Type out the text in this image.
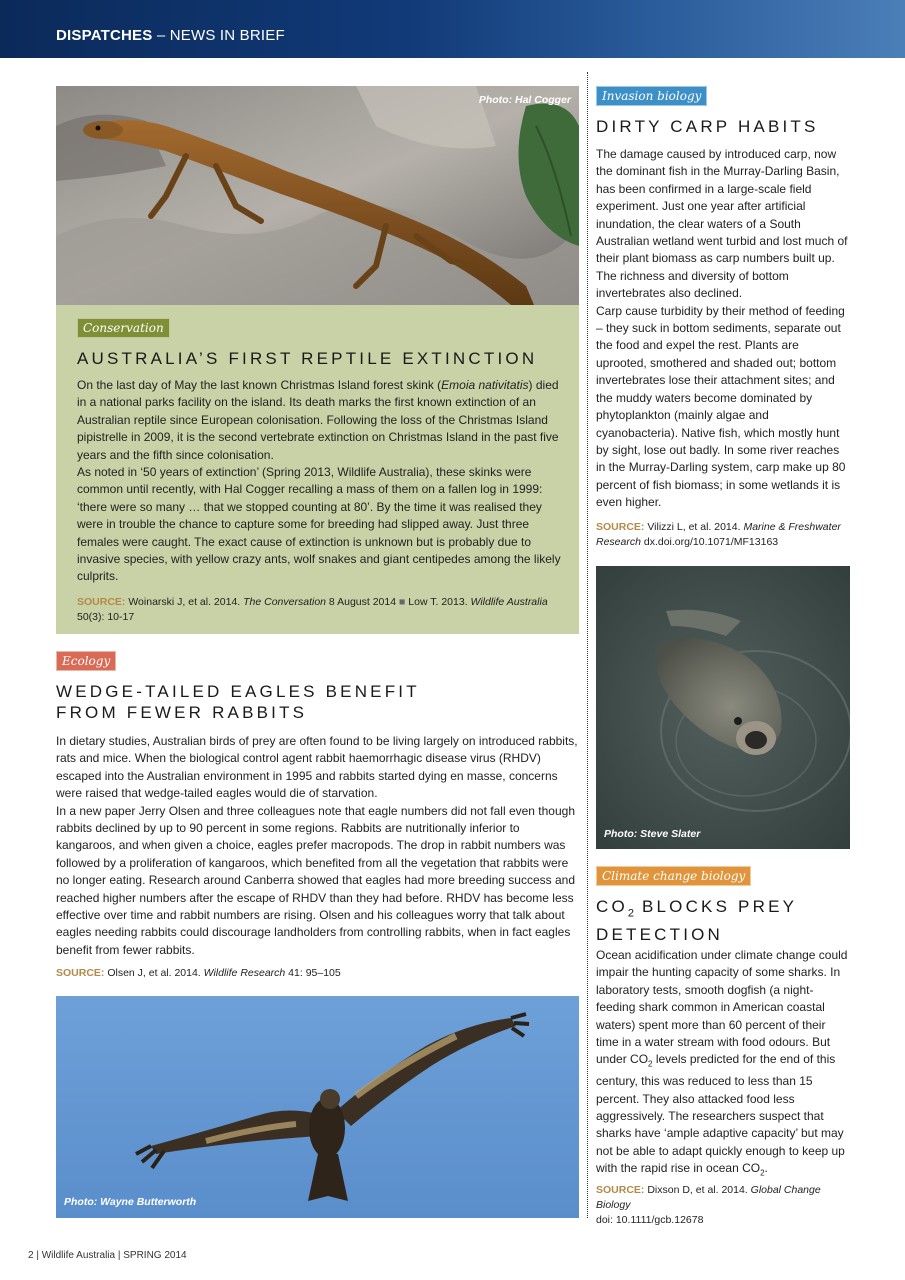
DISPATCHES – NEWS IN BRIEF
Photo: Hal Cogger
Conservation
AUSTRALIA’S FIRST REPTILE EXTINCTION

On the last day of May the last known Christmas Island forest skink (Emoia nativitatis) died in a national parks facility on the island. Its death marks the first known extinction of an Australian reptile since European colonisation. Following the loss of the Christmas Island pipistrelle in 2009, it is the second vertebrate extinction on Christmas Island in the past five years and the fifth since colonisation.

As noted in ‘50 years of extinction’ (Spring 2013, Wildlife Australia), these skinks were common until recently, with Hal Cogger recalling a mass of them on a fallen log in 1999: ‘there were so many … that we stopped counting at 80’. By the time it was realised they were in trouble the chance to capture some for breeding had slipped away. Just three females were caught. The exact cause of extinction is unknown but is probably due to invasive species, with yellow crazy ants, wolf snakes and giant centipedes among the likely culprits.

SOURCE: Woinarski J, et al. 2014. The Conversation 8 August 2014 ■ Low T. 2013. Wildlife Australia 50(3): 10-17
Ecology
WEDGE-TAILED EAGLES BENEFIT
FROM FEWER RABBITS

In dietary studies, Australian birds of prey are often found to be living largely on introduced rabbits, rats and mice. When the biological control agent rabbit haemorrhagic disease virus (RHDV) escaped into the Australian environment in 1995 and rabbits started dying en masse, concerns were raised that wedge-tailed eagles would die of starvation.

In a new paper Jerry Olsen and three colleagues note that eagle numbers did not fall even though rabbits declined by up to 90 percent in some regions. Rabbits are nutritionally inferior to kangaroos, and when given a choice, eagles prefer macropods. The drop in rabbit numbers was followed by a proliferation of kangaroos, which benefited from all the vegetation that rabbits were no longer eating. Research around Canberra showed that eagles had more breeding success and reached higher numbers after the escape of RHDV than they had before. RHDV has become less effective over time and rabbit numbers are rising. Olsen and his colleagues worry that talk about eagles needing rabbits could discourage landholders from controlling rabbits, when in fact eagles benefit from fewer rabbits.

SOURCE: Olsen J, et al. 2014. Wildlife Research 41: 95–105
Photo: Wayne Butterworth
Invasion biology
DIRTY CARP HABITS

The damage caused by introduced carp, now the dominant fish in the Murray-Darling Basin, has been confirmed in a large-scale field experiment. Just one year after artificial inundation, the clear waters of a South Australian wetland went turbid and lost much of their plant biomass as carp numbers built up. The richness and diversity of bottom invertebrates also declined.

Carp cause turbidity by their method of feeding – they suck in bottom sediments, separate out the food and expel the rest. Plants are uprooted, smothered and shaded out; bottom invertebrates lose their attachment sites; and the muddy waters become dominated by phytoplankton (mainly algae and cyanobacteria). Native fish, which mostly hunt by sight, lose out badly. In some river reaches in the Murray-Darling system, carp make up 80 percent of fish biomass; in some wetlands it is even higher.

SOURCE: Vilizzi L, et al. 2014. Marine & Freshwater Research dx.doi.org/10.1071/MF13163
Photo: Steve Slater
Climate change biology
$CO_2$ BLOCKS PREY
DETECTION

Ocean acidification under climate change could impair the hunting capacity of some sharks. In laboratory tests, smooth dogfish (a night-feeding shark common in American coastal waters) spent more than 60 percent of their time in a water stream with food odours. But under $CO_2$ levels predicted for the end of this century, this was reduced to less than 15 percent. They also attacked food less aggressively. The researchers suspect that sharks have ‘ample adaptive capacity’ but may not be able to adapt quickly enough to keep up with the rapid rise in ocean $CO_2$.

SOURCE: Dixson D, et al. 2014. Global Change Biology
doi: 10.1111/gcb.12678
2 | Wildlife Australia | SPRING 2014
